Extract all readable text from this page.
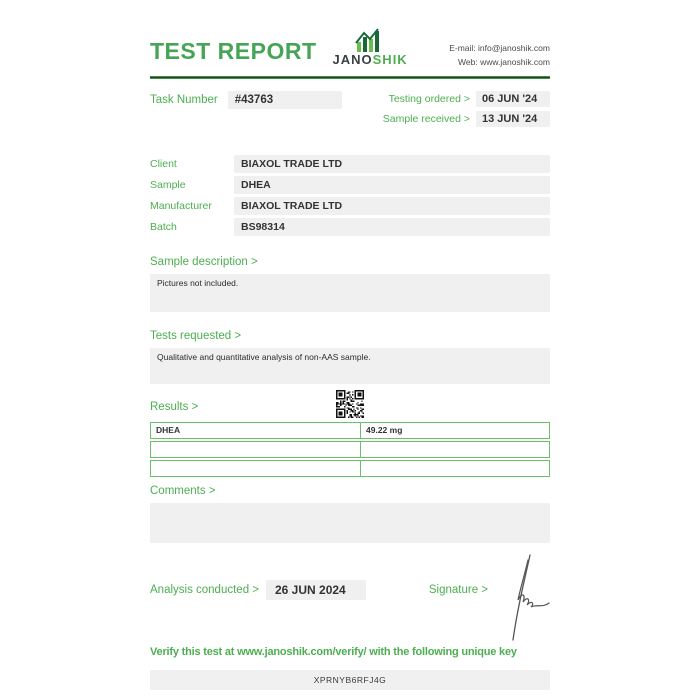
TEST REPORT JANOSHIK
E-mail: info@janoshik.com
Web: www.janoshik.com
Task Number	#43763	Testing ordered >	06 JUN '24
Sample received >	13 JUN '24
Client	BIAXOL TRADE LTD
Sample	DHEA
Manufacturer	BIAXOL TRADE LTD
Batch	BS98314
Sample description >
Pictures not included.
Tests requested >
Qualitative and quantitative analysis of non-AAS sample.
Results >
DHEA	49.22 mg
Comments >
Analysis conducted >	26 JUN 2024	Signature >
Verify this test at www.janoshik.com/verify/ with the following unique key
XPRNYB6RFJ4G
